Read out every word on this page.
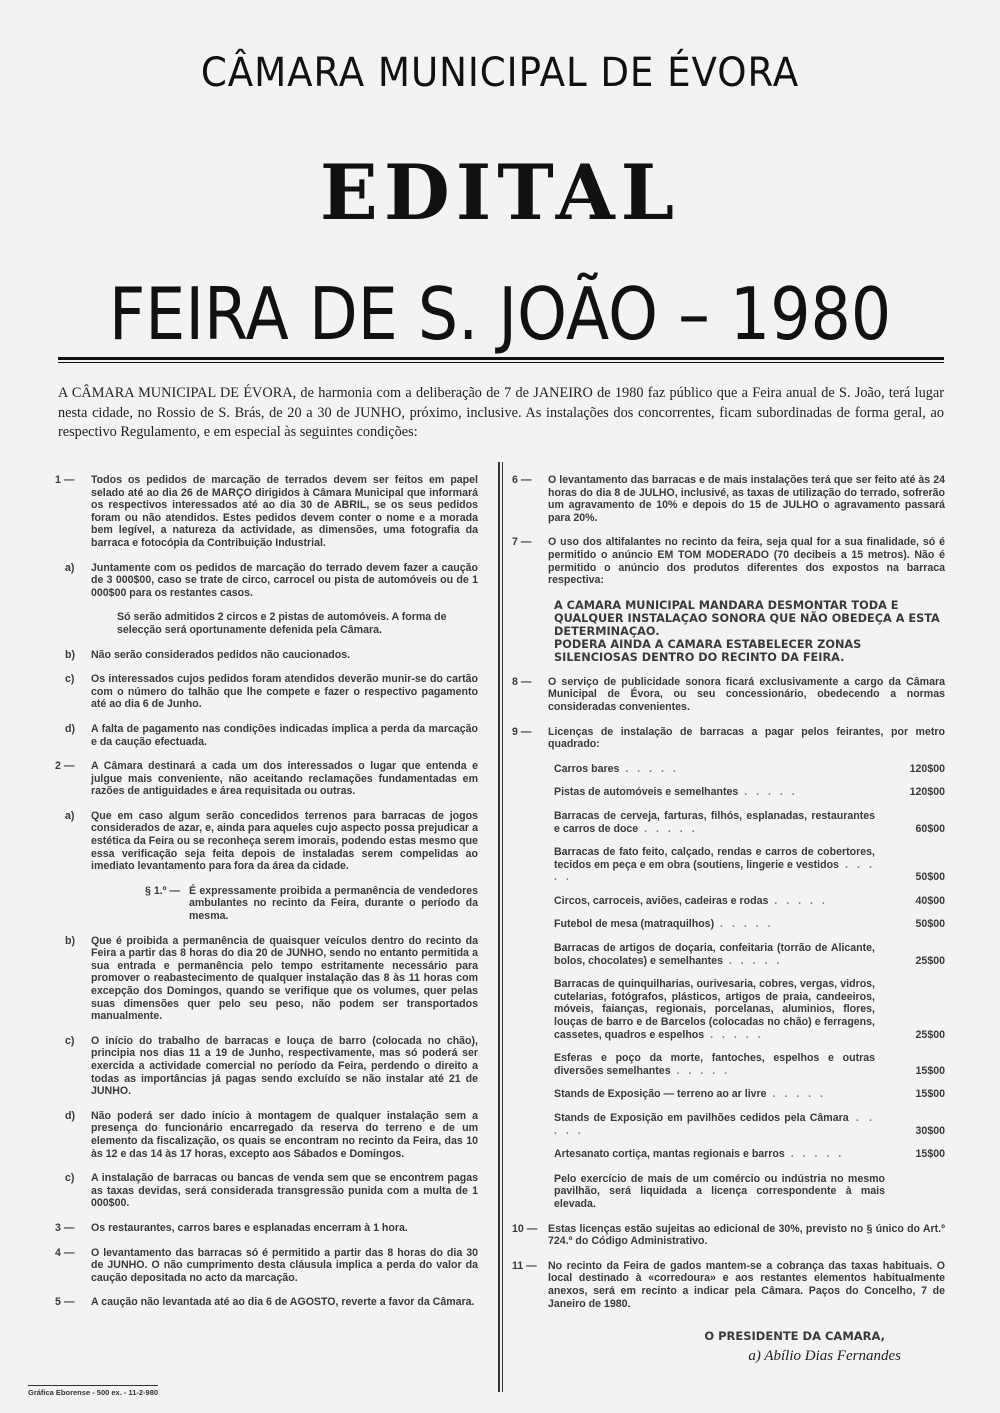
CÂMARA MUNICIPAL DE ÉVORA
EDITAL
FEIRA DE S. JOÃO – 1980
A CÂMARA MUNICIPAL DE ÉVORA, de harmonia com a deliberação de 7 de JANEIRO de 1980 faz público que a Feira anual de S. João, terá lugar nesta cidade, no Rossio de S. Brás, de 20 a 30 de JUNHO, próximo, inclusive. As instalações dos concorrentes, ficam subordinadas de forma geral, ao respectivo Regulamento, e em especial às seguintes condições:
1 —	Todos os pedidos de marcação de terrados devem ser feitos em papel selado até ao dia 26 de MARÇO dirigidos à Câmara Municipal que informará os respectivos interessados até ao dia 30 de ABRIL, se os seus pedidos foram ou não atendidos. Estes pedidos devem conter o nome e a morada bem legível, a natureza da actividade, as dimensões, uma fotografia da barraca e fotocópia da Contribuição Industrial.
a)	Juntamente com os pedidos de marcação do terrado devem fazer a caução de 3 000$00, caso se trate de circo, carrocel ou pista de automóveis ou de 1 000$00 para os restantes casos.
Só serão admitidos 2 circos e 2 pistas de automóveis. A forma de selecção será oportunamente defenida pela Câmara.
b)	Não serão considerados pedidos não caucionados.
c)	Os interessados cujos pedidos foram atendidos deverão munir-se do cartão com o número do talhão que lhe compete e fazer o respectivo pagamento até ao dia 6 de Junho.
d)	A falta de pagamento nas condições indicadas implica a perda da marcação e da caução efectuada.
2 —	A Câmara destinará a cada um dos interessados o lugar que entenda e julgue mais conveniente, não aceitando reclamações fundamentadas em razões de antiguidades e área requisitada ou outras.
a)	Que em caso algum serão concedidos terrenos para barracas de jogos considerados de azar, e, ainda para aqueles cujo aspecto possa prejudicar a estética da Feira ou se reconheça serem imorais, podendo estas mesmo que essa verificação seja feita depois de instaladas serem compelidas ao imediato levantamento para fora da área da cidade.
§ 1.º — É expressamente proibida a permanência de vendedores ambulantes no recinto da Feira, durante o período da mesma.
b)	Que é proibida a permanência de quaisquer veículos dentro do recinto da Feira a partir das 8 horas do dia 20 de JUNHO, sendo no entanto permitida a sua entrada e permanência pelo tempo estritamente necessário para promover o reabastecimento de qualquer instalação das 8 às 11 horas com excepção dos Domingos, quando se verifique que os volumes, quer pelas suas dimensões quer pelo seu peso, não podem ser transportados manualmente.
c)	O início do trabalho de barracas e louça de barro (colocada no chão), principia nos dias 11 a 19 de Junho, respectivamente, mas só poderá ser exercida a actividade comercial no período da Feira, perdendo o direito a todas as importâncias já pagas sendo excluído se não instalar até 21 de JUNHO.
d)	Não poderá ser dado início à montagem de qualquer instalação sem a presença do funcionário encarregado da reserva do terreno e de um elemento da fiscalização, os quais se encontram no recinto da Feira, das 10 às 12 e das 14 às 17 horas, excepto aos Sábados e Domingos.
c)	A instalação de barracas ou bancas de venda sem que se encontrem pagas as taxas devidas, será considerada transgressão punida com a multa de 1 000$00.
3 —	Os restaurantes, carros bares e esplanadas encerram à 1 hora.
4 —	O levantamento das barracas só é permitido a partir das 8 horas do dia 30 de JUNHO. O não cumprimento desta cláusula implica a perda do valor da caução depositada no acto da marcação.
5 —	A caução não levantada até ao dia 6 de AGOSTO, reverte a favor da Câmara.
6 —	O levantamento das barracas e de mais instalações terá que ser feito até às 24 horas do dia 8 de JULHO, inclusivé, as taxas de utilização do terrado, sofrerão um agravamento de 10% e depois do 15 de JULHO o agravamento passará para 20%.
7 —	O uso dos altifalantes no recinto da feira, seja qual for a sua finalidade, só é permitido o anúncio EM TOM MODERADO (70 decibeis a 15 metros). Não é permitido o anúncio dos produtos diferentes dos expostos na barraca respectiva:
A CAMARA MUNICIPAL MANDARA DESMONTAR TODA E QUALQUER INSTALAÇAO SONORA QUE NÃO OBEDEÇA A ESTA DETERMINAÇAO.
PODERA AINDA A CAMARA ESTABELECER ZONAS SILENCIOSAS DENTRO DO RECINTO DA FEIRA.
8 —	O serviço de publicidade sonora ficará exclusivamente a cargo da Câmara Municipal de Évora, ou seu concessionário, obedecendo a normas consideradas convenientes.
9 —	Licenças de instalação de barracas a pagar pelos feirantes, por metro quadrado:
Carros bares . . . . .	120$00
Pistas de automóveis e semelhantes . . . . .	120$00
Barracas de cerveja, farturas, filhós, esplanadas, restaurantes e carros de doce . . . . .	60$00
Barracas de fato feito, calçado, rendas e carros de cobertores, tecidos em peça e em obra (soutiens, lingerie e vestidos . . . . .	50$00
Circos, carroceis, aviões, cadeiras e rodas . . . . .	40$00
Futebol de mesa (matraquilhos) . . . . .	50$00
Barracas de artigos de doçaria, confeitaria (torrão de Alicante, bolos, chocolates) e semelhantes . . . . .	25$00
Barracas de quinquilharias, ourivesaria, cobres, vergas, vidros, cutelarias, fotógrafos, plásticos, artigos de praia, candeeiros, móveis, faianças, regionais, porcelanas, aluminios, flores, louças de barro e de Barcelos (colocadas no chão) e ferragens, cassetes, quadros e espelhos . . . . .	25$00
Esferas e poço da morte, fantoches, espelhos e outras diversões semelhantes . . . . .	15$00
Stands de Exposição — terreno ao ar livre . . . . .	15$00
Stands de Exposição em pavilhões cedidos pela Câmara . . . . .	30$00
Artesanato cortiça, mantas regionais e barros . . . . .	15$00
Pelo exercício de mais de um comércio ou indústria no mesmo pavilhão, será liquidada a licença correspondente à mais elevada.
10 —	Estas licenças estão sujeitas ao edicional de 30%, previsto no § único do Art.º 724.º do Código Administrativo.
11 —	No recinto da Feira de gados mantem-se a cobrança das taxas habituais. O local destinado à «corredoura» e aos restantes elementos habitualmente anexos, será em recinto a indicar pela Câmara. Paços do Concelho, 7 de Janeiro de 1980.
O PRESIDENTE DA CAMARA,
a) Abílio Dias Fernandes
Gráfica Eborense - 500 ex. - 11-2-980
